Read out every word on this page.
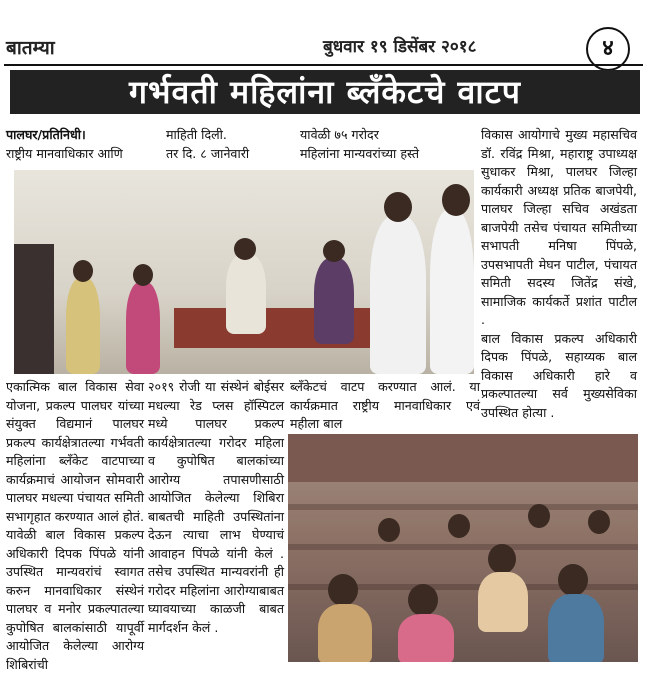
बातम्या	बुधवार १९ डिसेंबर २०१८	४
गर्भवती महिलांना ब्लँकेटचे वाटप

पालघर/प्रतिनिधी।

राष्ट्रीय मानवाधिकार आणि

माहिती दिली.
तर दि. ८ जानेवारी
यावेळी ७५ गरोदर
महिलांना मान्यवरांच्या हस्ते
विकास आयोगाचे मुख्य महासचिव डॉ. रविंद्र मिश्रा, महाराष्ट्र उपाध्यक्ष सुधाकर मिश्रा, पालघर जिल्हा कार्यकारी अध्यक्ष प्रतिक बाजपेयी, पालघर जिल्हा सचिव अखंडता बाजपेयी तसेच पंचायत समितीच्या सभापती मनिषा पिंपळे, उपसभापती मेघन पाटील, पंचायत समिती सदस्य जितेंद्र संखे, सामाजिक कार्यकर्ते प्रशांत पाटील .
बाल विकास प्रकल्प अधिकारी दिपक पिंपळे, सहाय्यक बाल विकास अधिकारी हारे व प्रकल्पातल्या सर्व मुख्यसेविका उपस्थित होत्या .
एकात्मिक बाल विकास सेवा योजना, प्रकल्प पालघर यांच्या संयुक्त विद्यमानं पालघर प्रकल्प कार्यक्षेत्रातल्या गर्भवती महिलांना ब्लँकेट वाटपाच्या कार्यक्रमाचं आयोजन सोमवारी पालघर मधल्या पंचायत समिती सभागृहात करण्यात आलं होतं.
यावेळी बाल विकास प्रकल्प अधिकारी दिपक पिंपळे यांनी उपस्थित मान्यवरांचं स्वागत करुन मानवाधिकार संस्थेनं पालघर व मनोर प्रकल्पातल्या कुपोषित बालकांसाठी यापूर्वी आयोजित केलेल्या आरोग्य शिबिरांची
२०१९ रोजी या संस्थेनं बोईसर मधल्या रेड प्लस हॉस्पिटल मध्ये पालघर प्रकल्प कार्यक्षेत्रातल्या गरोदर महिला व कुपोषित बालकांच्या आरोग्य तपासणीसाठी आयोजित केलेल्या शिबिरा बाबतची माहिती उपस्थितांना देऊन त्याचा लाभ घेण्याचं आवाहन पिंपळे यांनी केलं . तसेच उपस्थित मान्यवरांनी ही गरोदर महिलांना आरोग्याबाबत घ्यावयाच्या काळजी बाबत मार्गदर्शन केलं .
ब्लँकेटचं वाटप करण्यात आलं. या कार्यक्रमात राष्ट्रीय मानवाधिकार एवं महीला बाल
